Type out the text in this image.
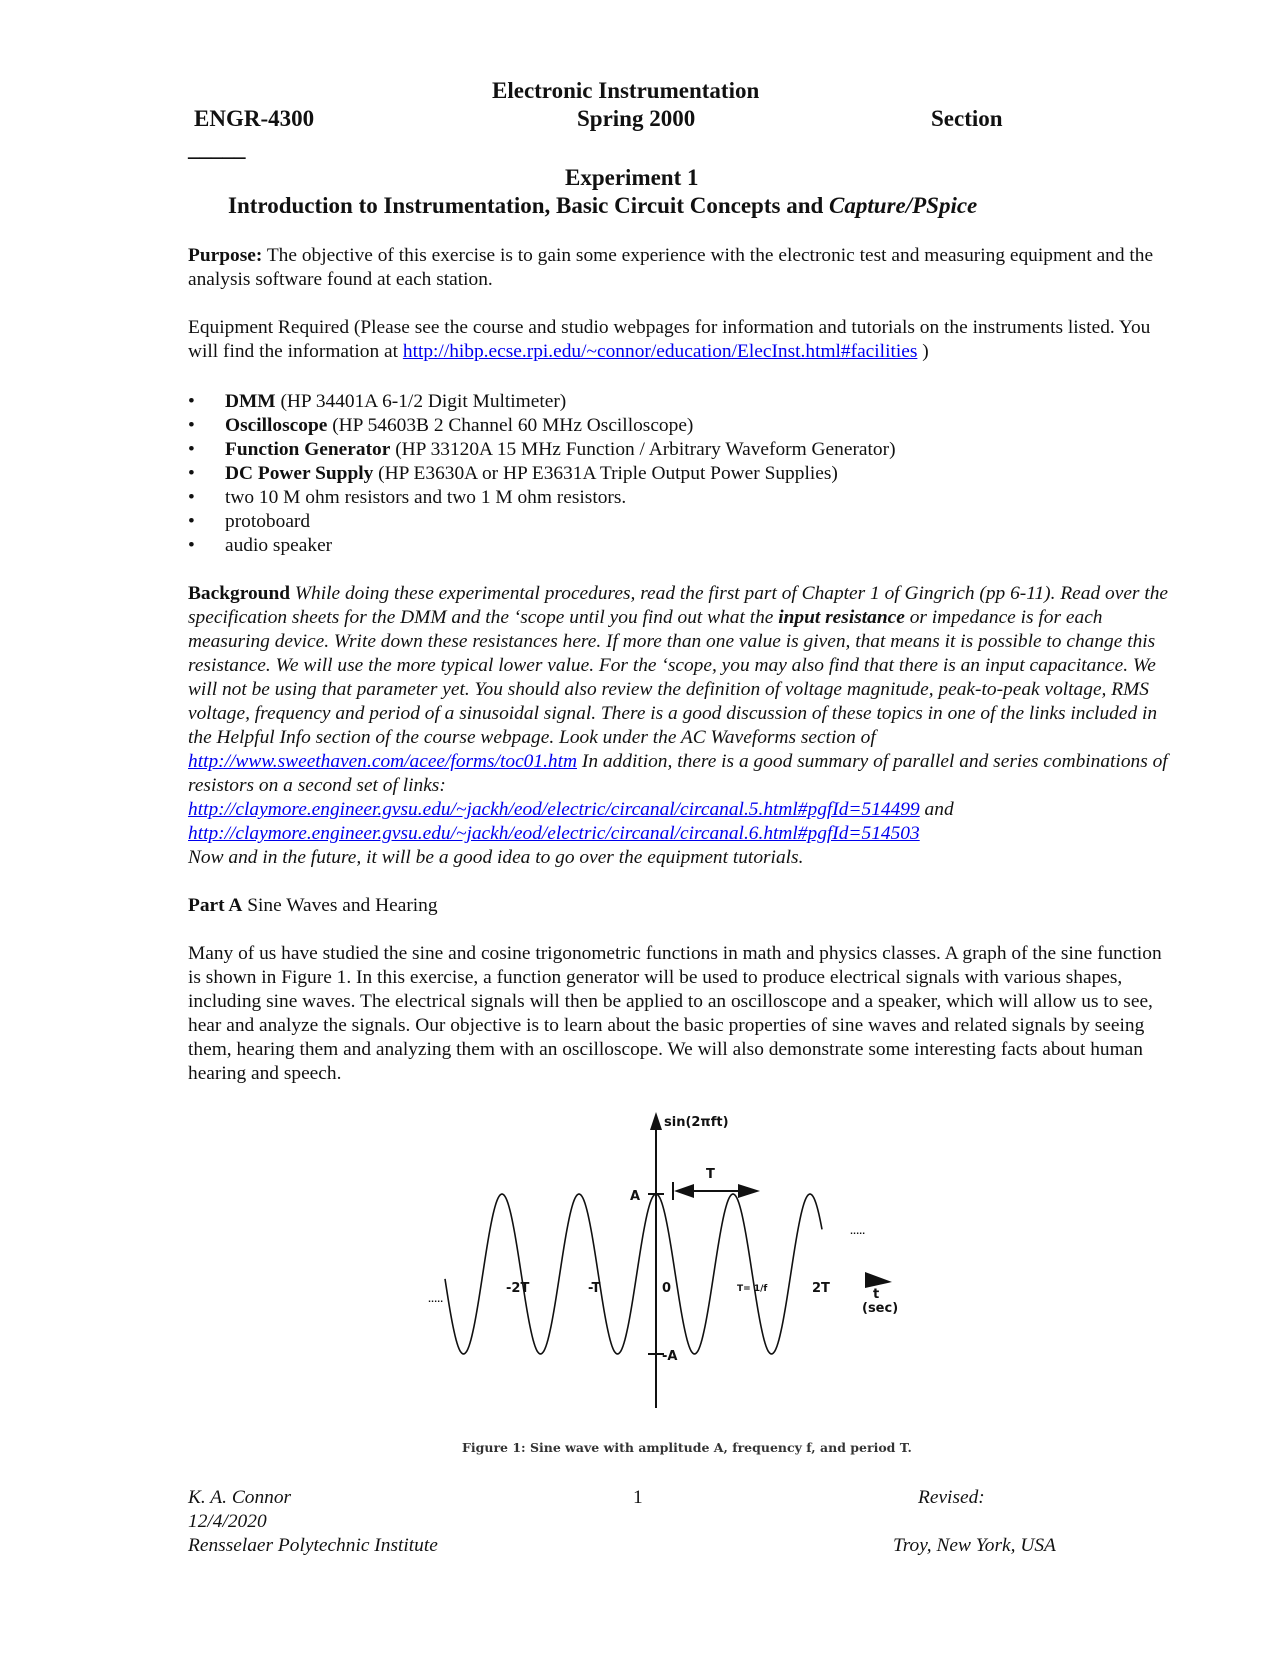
Electronic Instrumentation
ENGR-4300	Spring 2000	Section
_____
Experiment 1
Introduction to Instrumentation, Basic Circuit Concepts and Capture/PSpice

Purpose: The objective of this exercise is to gain some experience with the electronic test and measuring equipment and the analysis software found at each station.

Equipment Required (Please see the course and studio webpages for information and tutorials on the instruments listed. You will find the information at http://hibp.ecse.rpi.edu/~connor/education/ElecInst.html#facilities )

• DMM (HP 34401A 6-1/2 Digit Multimeter)
• Oscilloscope (HP 54603B 2 Channel 60 MHz Oscilloscope)
• Function Generator (HP 33120A 15 MHz Function / Arbitrary Waveform Generator)
• DC Power Supply (HP E3630A or HP E3631A Triple Output Power Supplies)
• two 10 M ohm resistors and two 1 M ohm resistors.
• protoboard
• audio speaker

Background While doing these experimental procedures, read the first part of Chapter 1 of Gingrich (pp 6-11). Read over the specification sheets for the DMM and the ‘scope until you find out what the input resistance or impedance is for each measuring device. Write down these resistances here. If more than one value is given, that means it is possible to change this resistance. We will use the more typical lower value. For the ‘scope, you may also find that there is an input capacitance. We will not be using that parameter yet. You should also review the definition of voltage magnitude, peak-to-peak voltage, RMS voltage, frequency and period of a sinusoidal signal. There is a good discussion of these topics in one of the links included in the Helpful Info section of the course webpage. Look under the AC Waveforms section of http://www.sweethaven.com/acee/forms/toc01.htm In addition, there is a good summary of parallel and series combinations of resistors on a second set of links:
http://claymore.engineer.gvsu.edu/~jackh/eod/electric/circanal/circanal.5.html#pgfId=514499 and
http://claymore.engineer.gvsu.edu/~jackh/eod/electric/circanal/circanal.6.html#pgfId=514503
Now and in the future, it will be a good idea to go over the equipment tutorials.

Part A Sine Waves and Hearing

Many of us have studied the sine and cosine trigonometric functions in math and physics classes. A graph of the sine function is shown in Figure 1. In this exercise, a function generator will be used to produce electrical signals with various shapes, including sine waves. The electrical signals will then be applied to an oscilloscope and a speaker, which will allow us to see, hear and analyze the signals. Our objective is to learn about the basic properties of sine waves and related signals by seeing them, hearing them and analyzing them with an oscilloscope. We will also demonstrate some interesting facts about human hearing and speech.

sin(2πft)
T
A
-A
-2T	-T	0	T= 1/f	2T	t
(sec)
.....
.....
Figure 1: Sine wave with amplitude A, frequency f, and period T.
K. A. Connor	1	Revised:
12/4/2020
Rensselaer Polytechnic Institute	Troy, New York, USA
